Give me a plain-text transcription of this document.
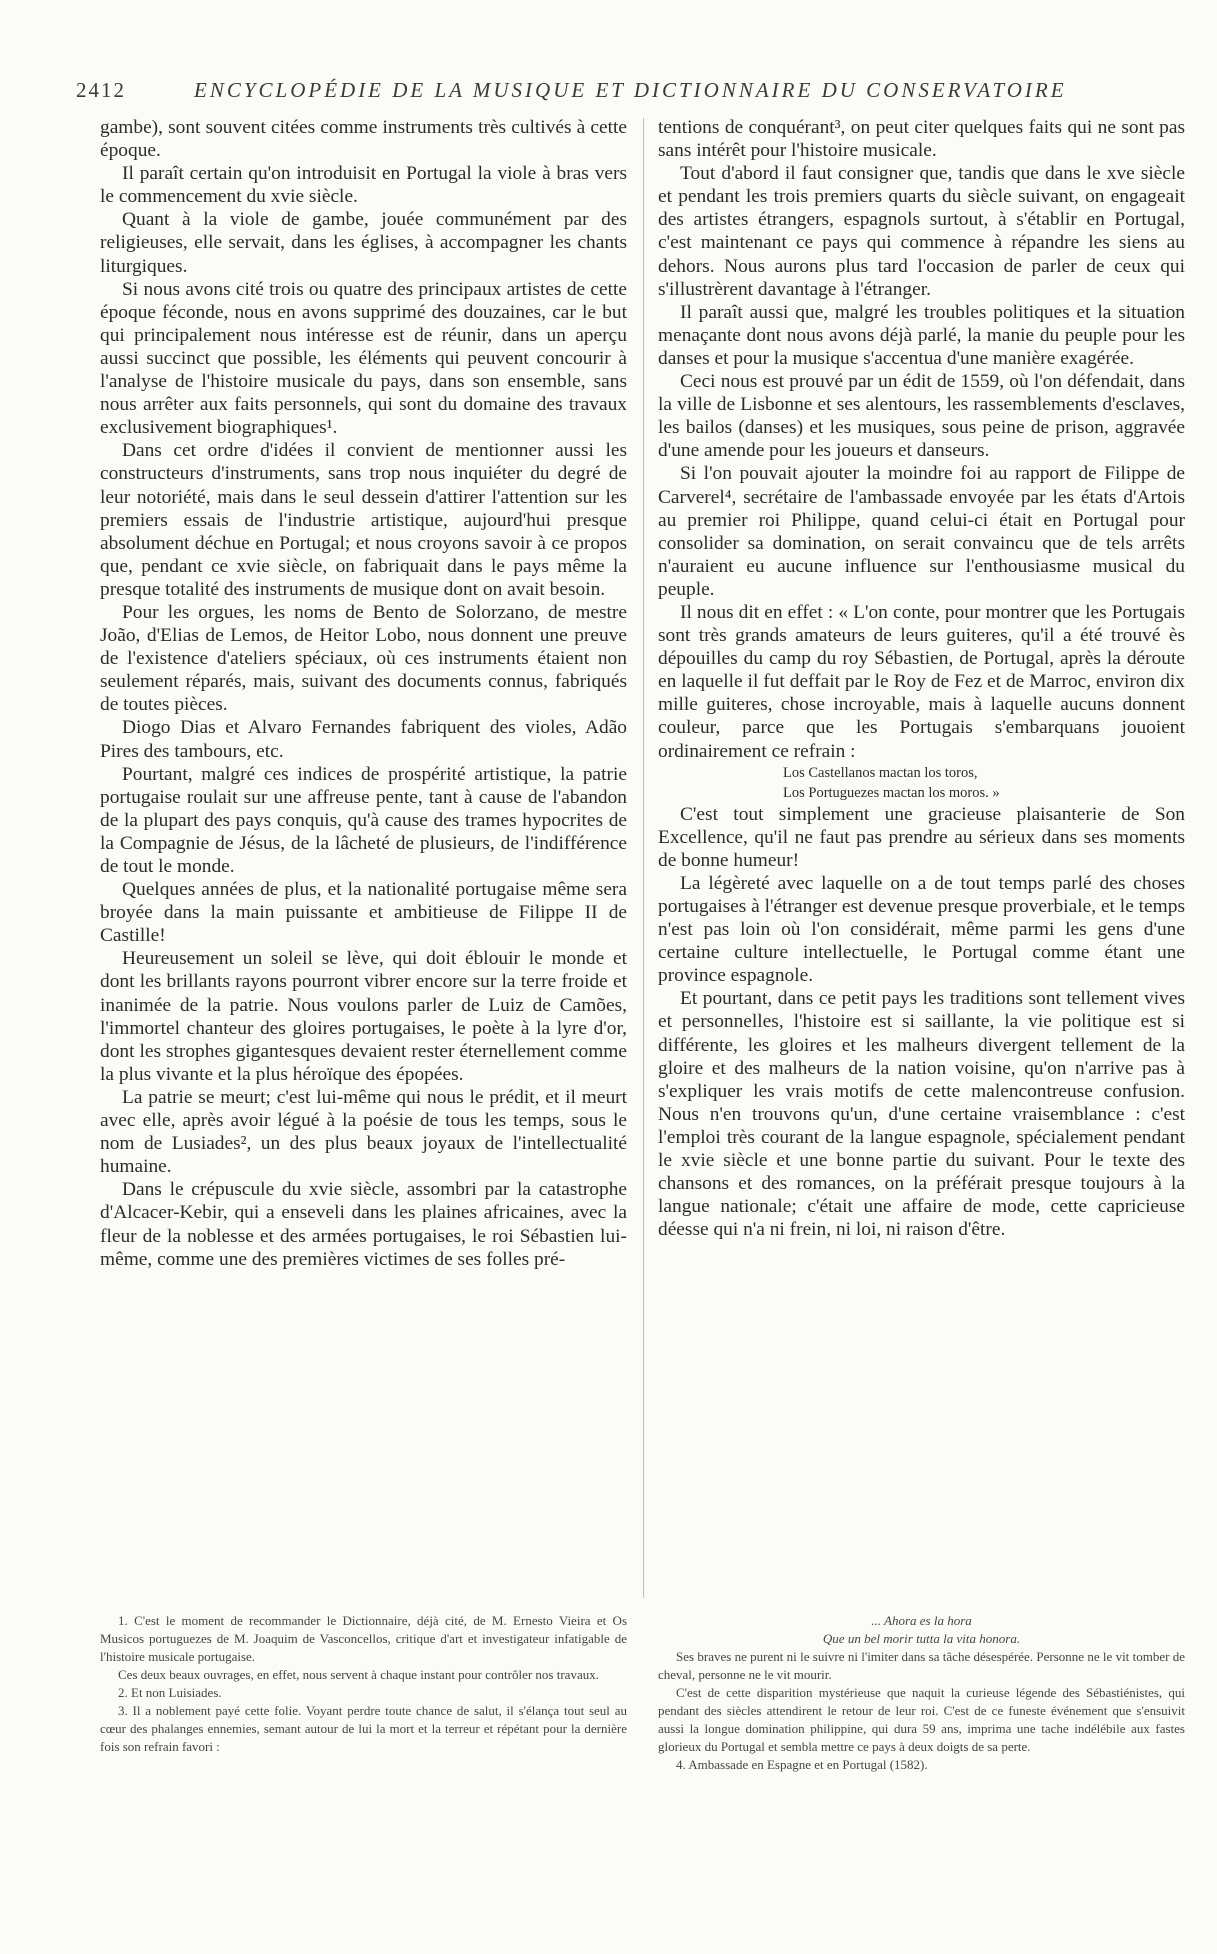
2412	ENCYCLOPÉDIE DE LA MUSIQUE ET DICTIONNAIRE DU CONSERVATOIRE

gambe), sont souvent citées comme instruments très cultivés à cette époque.

Il paraît certain qu'on introduisit en Portugal la viole à bras vers le commencement du xvie siècle.

Quant à la viole de gambe, jouée communément par des religieuses, elle servait, dans les églises, à accompagner les chants liturgiques.

Si nous avons cité trois ou quatre des principaux artistes de cette époque féconde, nous en avons supprimé des douzaines, car le but qui principalement nous intéresse est de réunir, dans un aperçu aussi succinct que possible, les éléments qui peuvent concourir à l'analyse de l'histoire musicale du pays, dans son ensemble, sans nous arrêter aux faits personnels, qui sont du domaine des travaux exclusivement biographiques¹.

Dans cet ordre d'idées il convient de mentionner aussi les constructeurs d'instruments, sans trop nous inquiéter du degré de leur notoriété, mais dans le seul dessein d'attirer l'attention sur les premiers essais de l'industrie artistique, aujourd'hui presque absolument déchue en Portugal; et nous croyons savoir à ce propos que, pendant ce xvie siècle, on fabriquait dans le pays même la presque totalité des instruments de musique dont on avait besoin.

Pour les orgues, les noms de Bento de Solorzano, de mestre João, d'Elias de Lemos, de Heitor Lobo, nous donnent une preuve de l'existence d'ateliers spéciaux, où ces instruments étaient non seulement réparés, mais, suivant des documents connus, fabriqués de toutes pièces.

Diogo Dias et Alvaro Fernandes fabriquent des violes, Adão Pires des tambours, etc.

Pourtant, malgré ces indices de prospérité artistique, la patrie portugaise roulait sur une affreuse pente, tant à cause de l'abandon de la plupart des pays conquis, qu'à cause des trames hypocrites de la Compagnie de Jésus, de la lâcheté de plusieurs, de l'indifférence de tout le monde.

Quelques années de plus, et la nationalité portugaise même sera broyée dans la main puissante et ambitieuse de Filippe II de Castille!

Heureusement un soleil se lève, qui doit éblouir le monde et dont les brillants rayons pourront vibrer encore sur la terre froide et inanimée de la patrie. Nous voulons parler de Luiz de Camões, l'immortel chanteur des gloires portugaises, le poète à la lyre d'or, dont les strophes gigantesques devaient rester éternellement comme la plus vivante et la plus héroïque des épopées.

La patrie se meurt; c'est lui-même qui nous le prédit, et il meurt avec elle, après avoir légué à la poésie de tous les temps, sous le nom de Lusiades², un des plus beaux joyaux de l'intellectualité humaine.

Dans le crépuscule du xvie siècle, assombri par la catastrophe d'Alcacer-Kebir, qui a enseveli dans les plaines africaines, avec la fleur de la noblesse et des armées portugaises, le roi Sébastien lui-même, comme une des premières victimes de ses folles pré-

tentions de conquérant³, on peut citer quelques faits qui ne sont pas sans intérêt pour l'histoire musicale.

Tout d'abord il faut consigner que, tandis que dans le xve siècle et pendant les trois premiers quarts du siècle suivant, on engageait des artistes étrangers, espagnols surtout, à s'établir en Portugal, c'est maintenant ce pays qui commence à répandre les siens au dehors. Nous aurons plus tard l'occasion de parler de ceux qui s'illustrèrent davantage à l'étranger.

Il paraît aussi que, malgré les troubles politiques et la situation menaçante dont nous avons déjà parlé, la manie du peuple pour les danses et pour la musique s'accentua d'une manière exagérée.

Ceci nous est prouvé par un édit de 1559, où l'on défendait, dans la ville de Lisbonne et ses alentours, les rassemblements d'esclaves, les bailos (danses) et les musiques, sous peine de prison, aggravée d'une amende pour les joueurs et danseurs.

Si l'on pouvait ajouter la moindre foi au rapport de Filippe de Carverel⁴, secrétaire de l'ambassade envoyée par les états d'Artois au premier roi Philippe, quand celui-ci était en Portugal pour consolider sa domination, on serait convaincu que de tels arrêts n'auraient eu aucune influence sur l'enthousiasme musical du peuple.

Il nous dit en effet : « L'on conte, pour montrer que les Portugais sont très grands amateurs de leurs guiteres, qu'il a été trouvé ès dépouilles du camp du roy Sébastien, de Portugal, après la déroute en laquelle il fut deffait par le Roy de Fez et de Marroc, environ dix mille guiteres, chose incroyable, mais à laquelle aucuns donnent couleur, parce que les Portugais s'embarquans jouoient ordinairement ce refrain :

Los Castellanos mactan los toros,

Los Portuguezes mactan los moros. »

C'est tout simplement une gracieuse plaisanterie de Son Excellence, qu'il ne faut pas prendre au sérieux dans ses moments de bonne humeur!

La légèreté avec laquelle on a de tout temps parlé des choses portugaises à l'étranger est devenue presque proverbiale, et le temps n'est pas loin où l'on considérait, même parmi les gens d'une certaine culture intellectuelle, le Portugal comme étant une province espagnole.

Et pourtant, dans ce petit pays les traditions sont tellement vives et personnelles, l'histoire est si saillante, la vie politique est si différente, les gloires et les malheurs divergent tellement de la gloire et des malheurs de la nation voisine, qu'on n'arrive pas à s'expliquer les vrais motifs de cette malencontreuse confusion. Nous n'en trouvons qu'un, d'une certaine vraisemblance : c'est l'emploi très courant de la langue espagnole, spécialement pendant le xvie siècle et une bonne partie du suivant. Pour le texte des chansons et des romances, on la préférait presque toujours à la langue nationale; c'était une affaire de mode, cette capricieuse déesse qui n'a ni frein, ni loi, ni raison d'être.

1. C'est le moment de recommander le Dictionnaire, déjà cité, de M. Ernesto Vieira et Os Musicos portuguezes de M. Joaquim de Vasconcellos, critique d'art et investigateur infatigable de l'histoire musicale portugaise.

Ces deux beaux ouvrages, en effet, nous servent à chaque instant pour contrôler nos travaux.

2. Et non Luisiades.

3. Il a noblement payé cette folie. Voyant perdre toute chance de salut, il s'élança tout seul au cœur des phalanges ennemies, semant autour de lui la mort et la terreur et répétant pour la dernière fois son refrain favori :

... Ahora es la hora

Que un bel morir tutta la vita honora.

Ses braves ne purent ni le suivre ni l'imiter dans sa tâche désespérée. Personne ne le vit tomber de cheval, personne ne le vit mourir.

C'est de cette disparition mystérieuse que naquit la curieuse légende des Sébastiénistes, qui pendant des siècles attendirent le retour de leur roi. C'est de ce funeste événement que s'ensuivit aussi la longue domination philippine, qui dura 59 ans, imprima une tache indélébile aux fastes glorieux du Portugal et sembla mettre ce pays à deux doigts de sa perte.

4. Ambassade en Espagne et en Portugal (1582).
